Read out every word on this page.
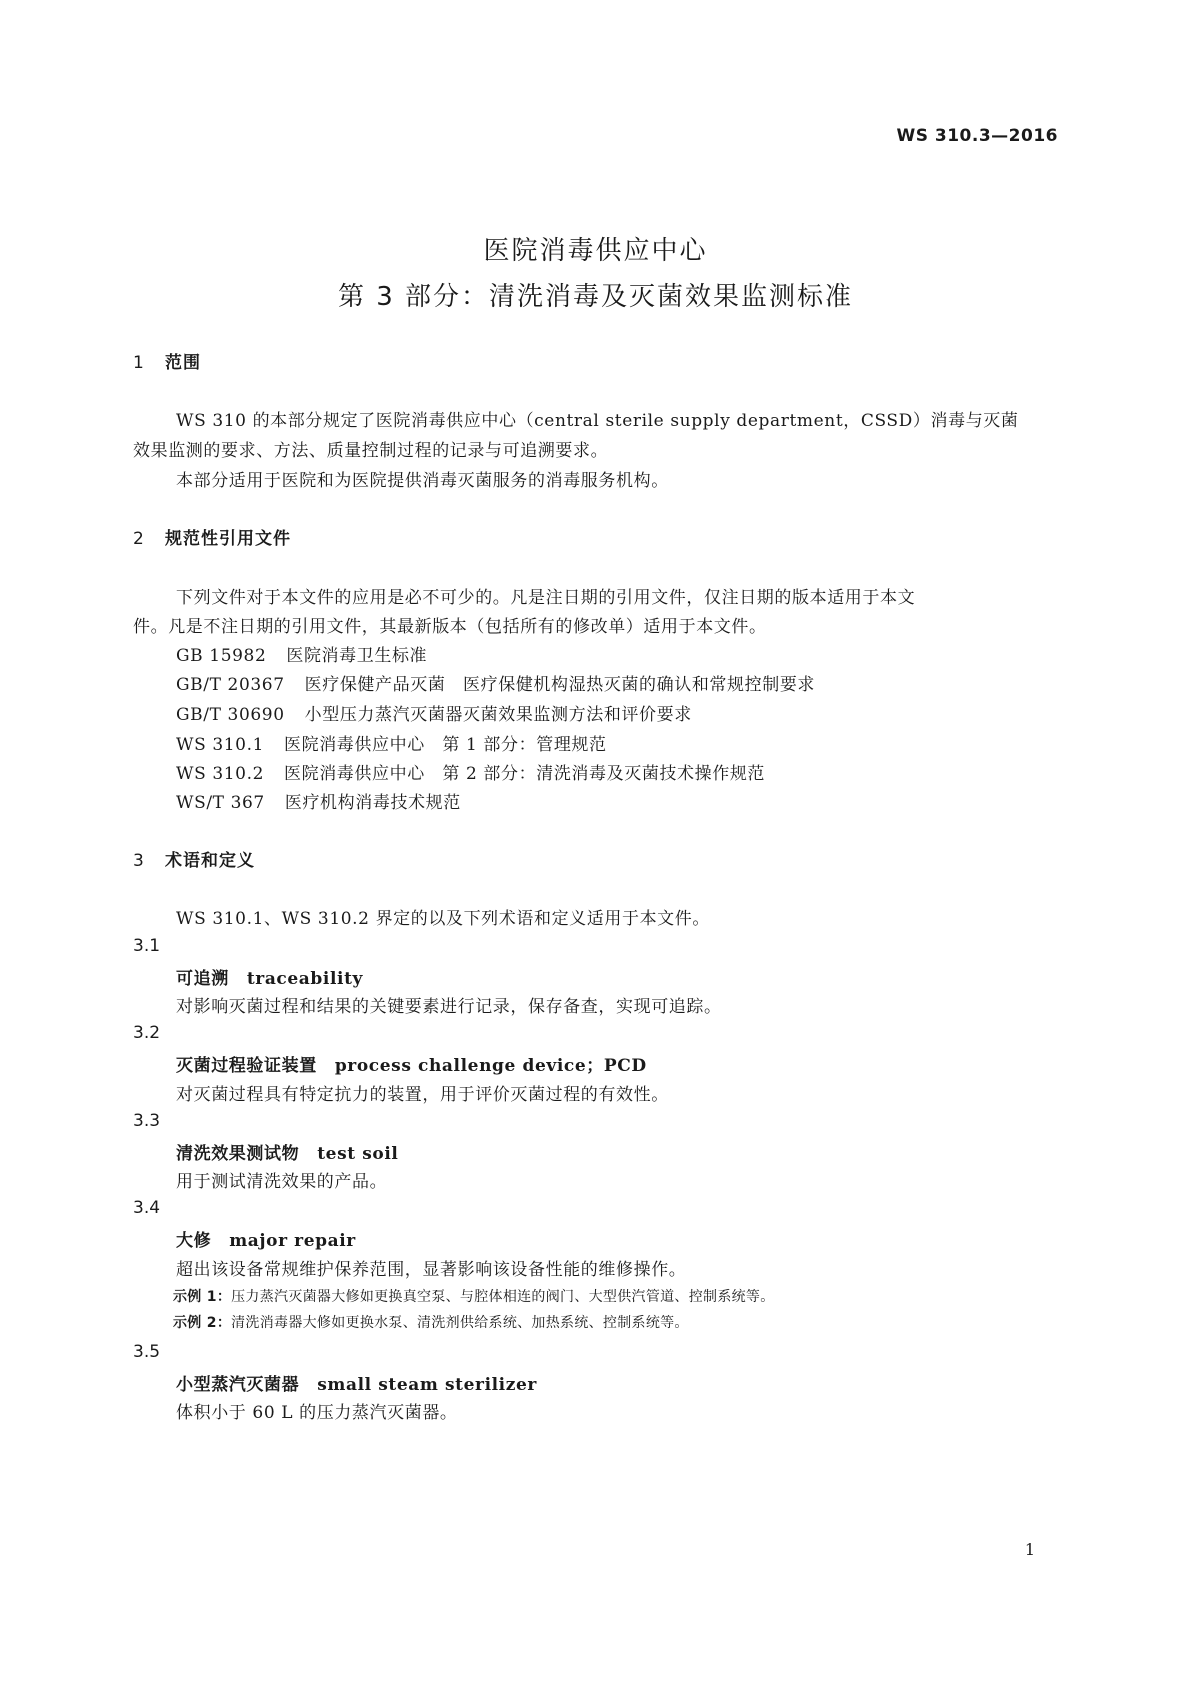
WS 310.3—2016
医院消毒供应中心
第 3 部分：清洗消毒及灭菌效果监测标准
1 范围
WS 310 的本部分规定了医院消毒供应中心（central sterile supply department，CSSD）消毒与灭菌
效果监测的要求、方法、质量控制过程的记录与可追溯要求。
本部分适用于医院和为医院提供消毒灭菌服务的消毒服务机构。
2 规范性引用文件
下列文件对于本文件的应用是必不可少的。凡是注日期的引用文件，仅注日期的版本适用于本文
件。凡是不注日期的引用文件，其最新版本（包括所有的修改单）适用于本文件。
GB 15982 医院消毒卫生标准
GB/T 20367 医疗保健产品灭菌　医疗保健机构湿热灭菌的确认和常规控制要求
GB/T 30690 小型压力蒸汽灭菌器灭菌效果监测方法和评价要求
WS 310.1 医院消毒供应中心　第 1 部分：管理规范
WS 310.2 医院消毒供应中心　第 2 部分：清洗消毒及灭菌技术操作规范
WS/T 367 医疗机构消毒技术规范
3 术语和定义
WS 310.1、WS 310.2 界定的以及下列术语和定义适用于本文件。
3.1
可追溯 traceability
对影响灭菌过程和结果的关键要素进行记录，保存备查，实现可追踪。
3.2
灭菌过程验证装置 process challenge device；PCD
对灭菌过程具有特定抗力的装置，用于评价灭菌过程的有效性。
3.3
清洗效果测试物 test soil
用于测试清洗效果的产品。
3.4
大修 major repair
超出该设备常规维护保养范围，显著影响该设备性能的维修操作。
示例 1：压力蒸汽灭菌器大修如更换真空泵、与腔体相连的阀门、大型供汽管道、控制系统等。
示例 2：清洗消毒器大修如更换水泵、清洗剂供给系统、加热系统、控制系统等。
3.5
小型蒸汽灭菌器 small steam sterilizer
体积小于 60 L 的压力蒸汽灭菌器。
1
